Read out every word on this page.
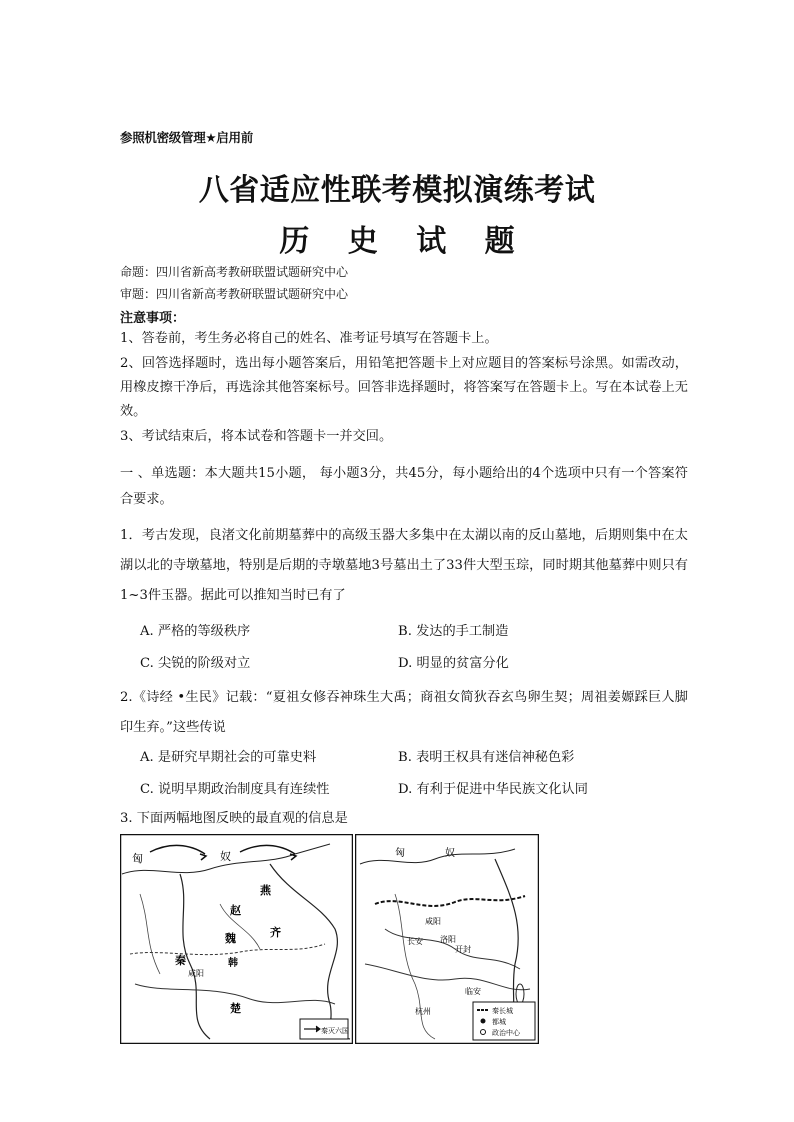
参照机密级管理★启用前
八省适应性联考模拟演练考试
历 史 试 题
命题：四川省新高考教研联盟试题研究中心
审题：四川省新高考教研联盟试题研究中心
注意事项：
1、答卷前，考生务必将自己的姓名、准考证号填写在答题卡上。
2、回答选择题时，选出每小题答案后，用铅笔把答题卡上对应题目的答案标号涂黑。如需改动，用橡皮擦干净后，再选涂其他答案标号。回答非选择题时，将答案写在答题卡上。写在本试卷上无效。
3、考试结束后，将本试卷和答题卡一并交回。
一 、单选题：本大题共15小题， 每小题3分，共45分，每小题给出的4个选项中只有一个答案符合要求。
1．考古发现，良渚文化前期墓葬中的高级玉器大多集中在太湖以南的反山墓地，后期则集中在太湖以北的寺墩墓地，特别是后期的寺墩墓地3号墓出土了33件大型玉琮，同时期其他墓葬中则只有1~3件玉器。据此可以推知当时已有了
A. 严格的等级秩序	B. 发达的手工制造
C. 尖锐的阶级对立	D. 明显的贫富分化
2.《诗经 •生民》记载：“夏祖女修吞神珠生大禹；商祖女简狄吞玄鸟卵生契；周祖姜嫄踩巨人脚印生弃。”这些传说
A. 是研究早期社会的可靠史料	B. 表明王权具有迷信神秘色彩
C. 说明早期政治制度具有连续性	D. 有利于促进中华民族文化认同
3. 下面两幅地图反映的最直观的信息是
匈	奴
燕
赵
魏	齐
秦	韩
楚
咸阳
秦灭六国
匈	奴
咸阳
长安
临安
洛阳
开封
杭州	秦长城
都城
政治中心
